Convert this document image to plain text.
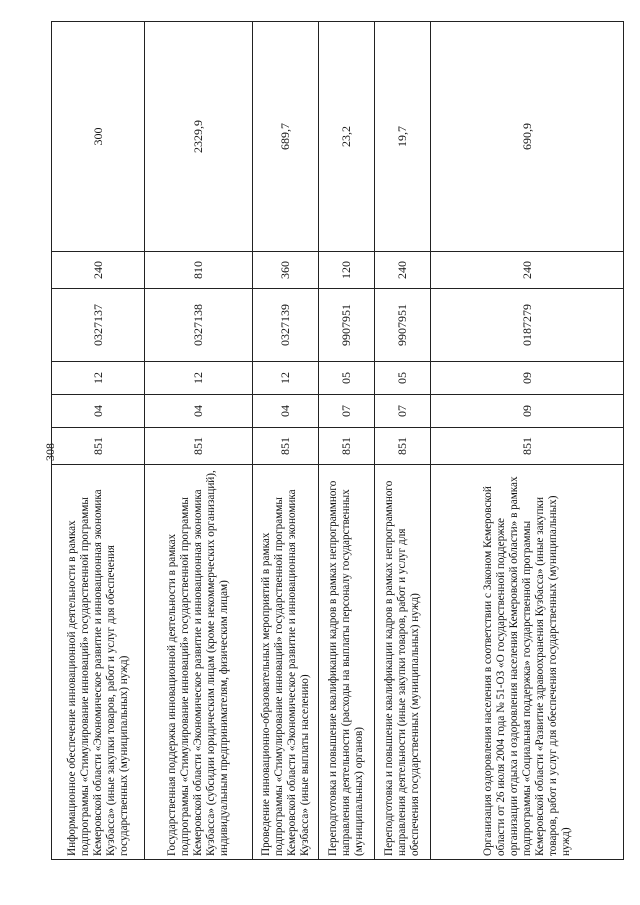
308
Информационное обеспечение инновационной деятельности в рамках подпрограммы «Стимулирование инноваций» государственной программы Кемеровской области «Экономическое развитие и инновационная экономика Кузбасса» (иные закупки товаров, работ и услуг для обеспечения государственных (муниципальных) нужд)	851	04	12	0327137	240	300
Государственная поддержка инновационной деятельности в рамках подпрограммы «Стимулирование инноваций» государственной программы Кемеровской области «Экономическое развитие и инновационная экономика Кузбасса» (субсидии юридическим лицам (кроме некоммерческих организаций), индивидуальным предпринимателям, физическим лицам)	851	04	12	0327138	810	2329,9
Проведение инновационно-образовательных мероприятий в рамках подпрограммы «Стимулирование инноваций» государственной программы Кемеровской области «Экономическое развитие и инновационная экономика Кузбасса» (иные выплаты населению)	851	04	12	0327139	360	689,7
Переподготовка и повышение квалификации кадров в рамках непрограммного направления деятельности (расходы на выплаты персоналу государственных (муниципальных) органов)	851	07	05	9907951	120	23,2
Переподготовка и повышение квалификации кадров в рамках непрограммного направления деятельности (иные закупки товаров, работ и услуг для обеспечения государственных (муниципальных) нужд)	851	07	05	9907951	240	19,7
Организация оздоровления населения в соответствии с Законом Кемеровской области от 26 июля 2004 года № 51-ОЗ «О государственной поддержке организации отдыха и оздоровления населения Кемеровской области» в рамках подпрограммы «Социальная поддержка» государственной программы Кемеровской области «Развитие здравоохранения Кузбасса» (иные закупки товаров, работ и услуг для обеспечения государственных (муниципальных) нужд)	851	09	09	0187279	240	690,9
